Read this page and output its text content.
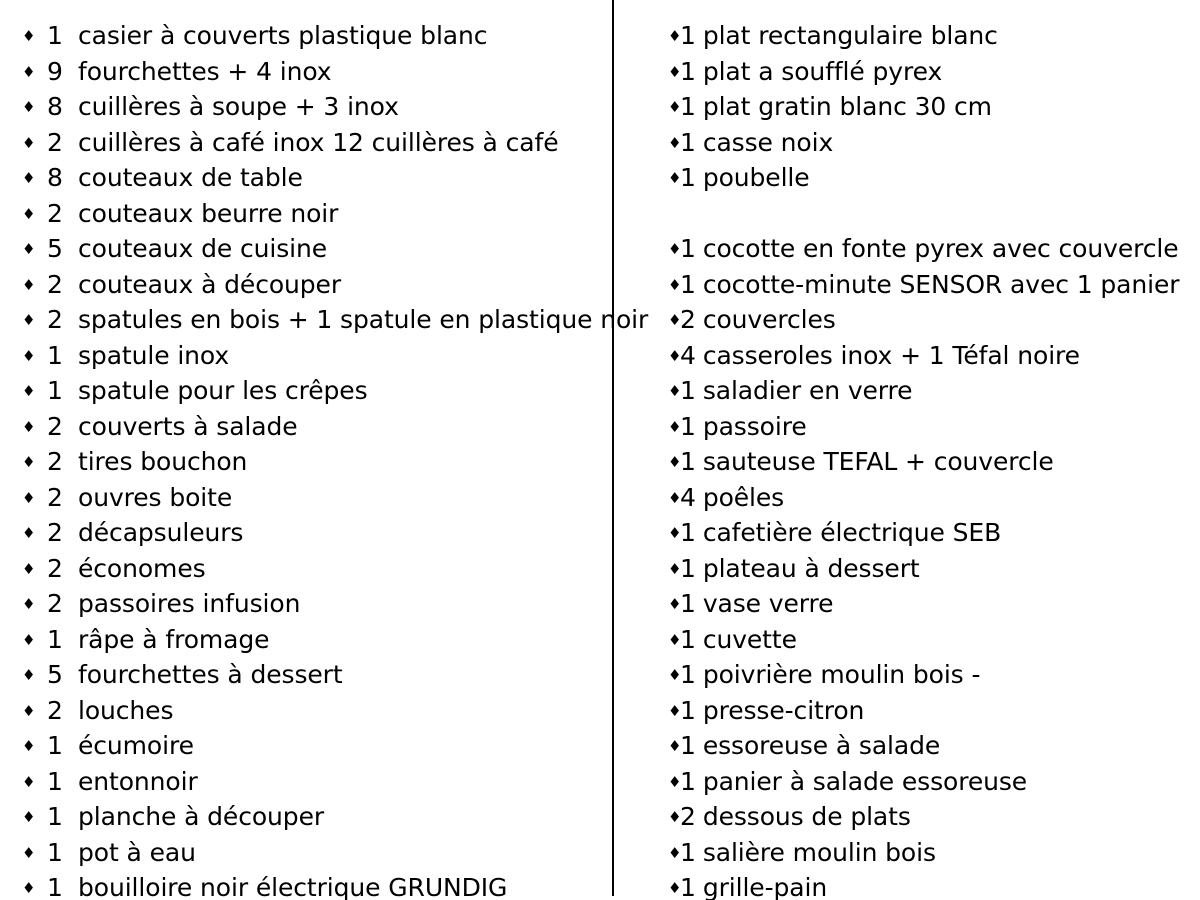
♦ 1 casier à couverts plastique blanc
♦ 9 fourchettes + 4 inox
♦ 8 cuillères à soupe + 3 inox
♦ 2 cuillères à café inox 12 cuillères à café
♦ 8 couteaux de table
♦ 2 couteaux beurre noir
♦ 5 couteaux de cuisine
♦ 2 couteaux à découper
♦ 2 spatules en bois + 1 spatule en plastique noir
♦ 1 spatule inox
♦ 1 spatule pour les crêpes
♦ 2 couverts à salade
♦ 2 tires bouchon
♦ 2 ouvres boite
♦ 2 décapsuleurs
♦ 2 économes
♦ 2 passoires infusion
♦ 1 râpe à fromage
♦ 5 fourchettes à dessert
♦ 2 louches
♦ 1 écumoire
♦ 1 entonnoir
♦ 1 planche à découper
♦ 1 pot à eau
♦ 1 bouilloire noir électrique GRUNDIG
♦1 plat rectangulaire blanc
♦1 plat a soufflé pyrex
♦1 plat gratin blanc 30 cm
♦1 casse noix
♦1 poubelle
♦1 cocotte en fonte pyrex avec couvercle
♦1 cocotte-minute SENSOR avec 1 panier
♦2 couvercles
♦4 casseroles inox + 1 Téfal noire
♦1 saladier en verre
♦1 passoire
♦1 sauteuse TEFAL + couvercle
♦4 poêles
♦1 cafetière électrique SEB
♦1 plateau à dessert
♦1 vase verre
♦1 cuvette
♦1 poivrière moulin bois -
♦1 presse-citron
♦1 essoreuse à salade
♦1 panier à salade essoreuse
♦2 dessous de plats
♦1 salière moulin bois
♦1 grille-pain
